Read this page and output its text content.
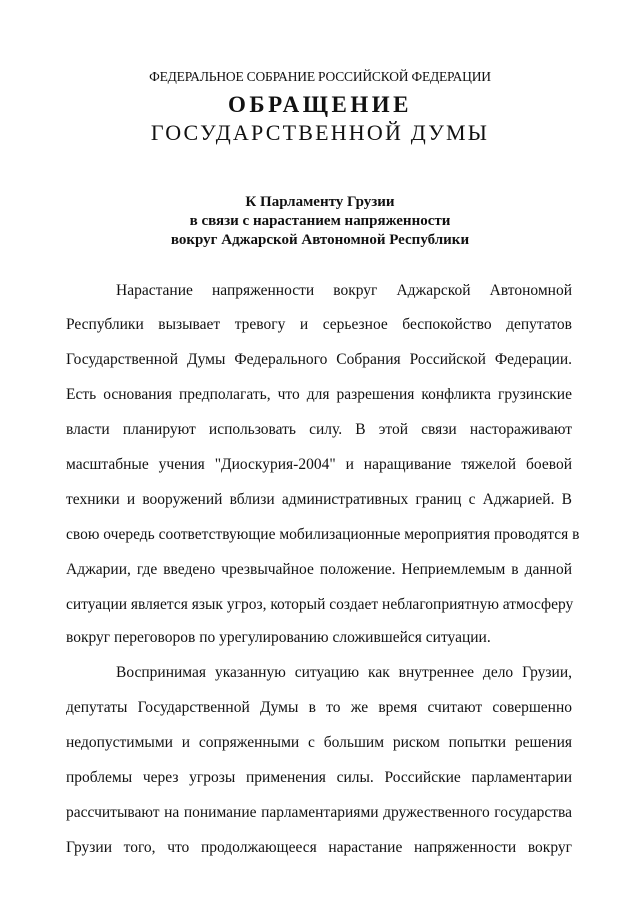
ФЕДЕРАЛЬНОЕ СОБРАНИЕ РОССИЙСКОЙ ФЕДЕРАЦИИ
ОБРАЩЕНИЕ
ГОСУДАРСТВЕННОЙ ДУМЫ
К Парламенту Грузии
в связи с нарастанием напряженности
вокруг Аджарской Автономной Республики
Нарастание напряженности вокруг Аджарской Автономной
Республики вызывает тревогу и серьезное беспокойство депутатов
Государственной Думы Федерального Собрания Российской Федерации.
Есть основания предполагать, что для разрешения конфликта грузинские
власти планируют использовать силу. В этой связи настораживают
масштабные учения "Диоскурия-2004" и наращивание тяжелой боевой
техники и вооружений вблизи административных границ с Аджарией. В
свою очередь соответствующие мобилизационные мероприятия проводятся в
Аджарии, где введено чрезвычайное положение. Неприемлемым в данной
ситуации является язык угроз, который создает неблагоприятную атмосферу
вокруг переговоров по урегулированию сложившейся ситуации.
Воспринимая указанную ситуацию как внутреннее дело Грузии,
депутаты Государственной Думы в то же время считают совершенно
недопустимыми и сопряженными с большим риском попытки решения
проблемы через угрозы применения силы. Российские парламентарии
рассчитывают на понимание парламентариями дружественного государства
Грузии того, что продолжающееся нарастание напряженности вокруг
